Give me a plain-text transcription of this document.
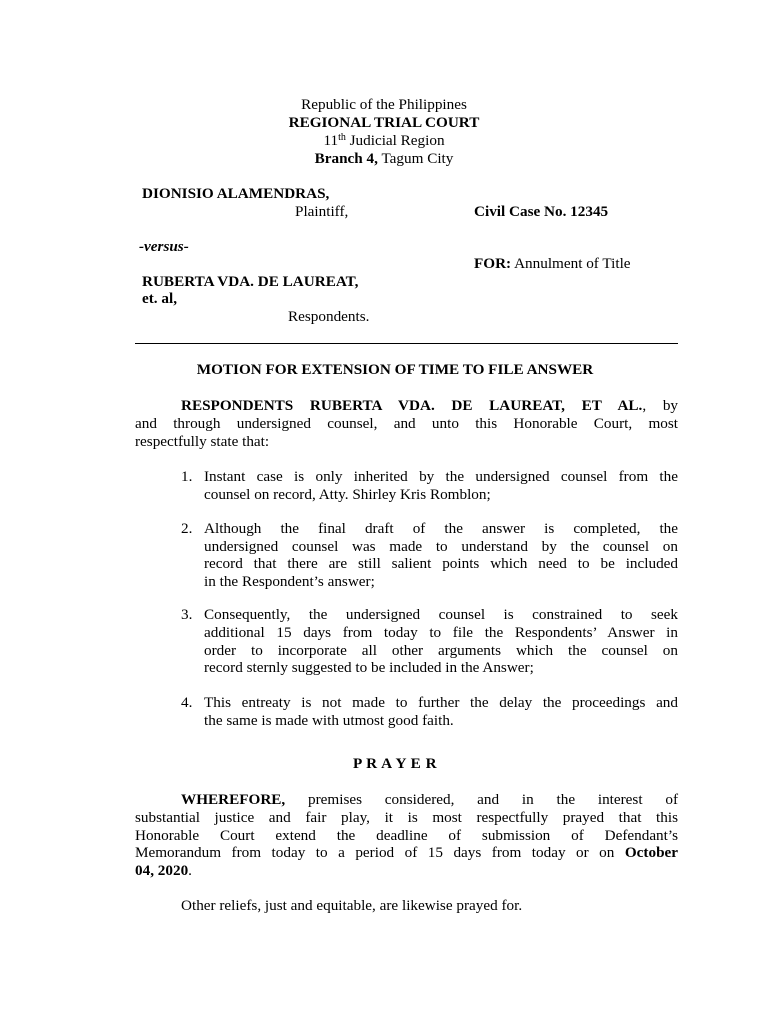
Republic of the Philippines
REGIONAL TRIAL COURT
11th Judicial Region
Branch 4, Tagum City
DIONISIO ALAMENDRAS,
Plaintiff,	Civil Case No. 12345
-versus-
FOR: Annulment of Title
RUBERTA VDA. DE LAUREAT,
et. al,
Respondents.
MOTION FOR EXTENSION OF TIME TO FILE ANSWER
RESPONDENTS RUBERTA VDA. DE LAUREAT, ET AL., by
and through undersigned counsel, and unto this Honorable Court, most
respectfully state that:
1. Instant case is only inherited by the undersigned counsel from the
counsel on record, Atty. Shirley Kris Romblon;
2. Although the final draft of the answer is completed, the
undersigned counsel was made to understand by the counsel on
record that there are still salient points which need to be included
in the Respondent’s answer;
3. Consequently, the undersigned counsel is constrained to seek
additional 15 days from today to file the Respondents’ Answer in
order to incorporate all other arguments which the counsel on
record sternly suggested to be included in the Answer;
4. This entreaty is not made to further the delay the proceedings and
the same is made with utmost good faith.
P R A Y E R
WHEREFORE, premises considered, and in the interest of
substantial justice and fair play, it is most respectfully prayed that this
Honorable Court extend the deadline of submission of Defendant’s
Memorandum from today to a period of 15 days from today or on October
04, 2020.
Other reliefs, just and equitable, are likewise prayed for.
